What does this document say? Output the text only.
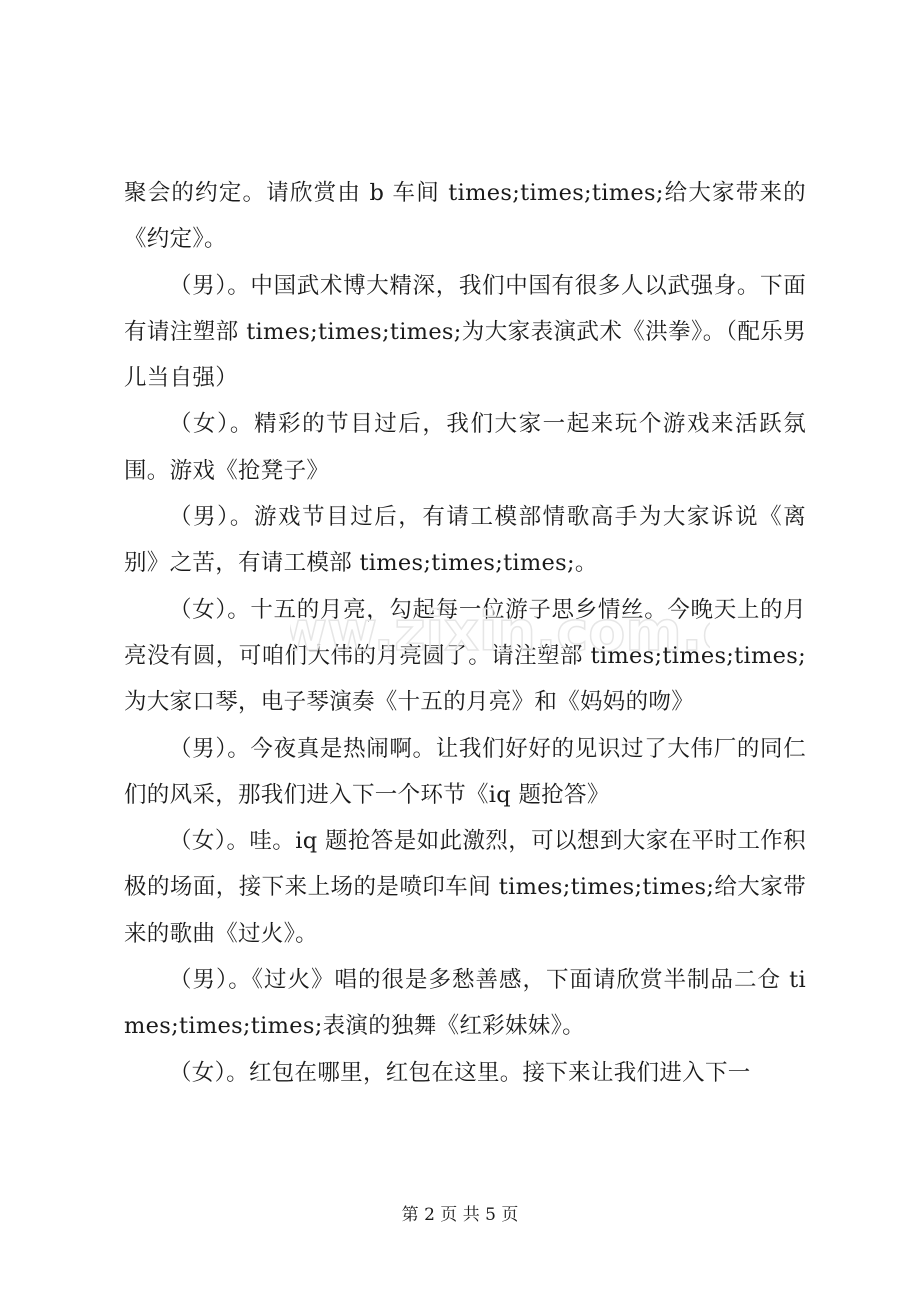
聚会的约定。请欣赏由 b 车间 times;times;times;给大家带来的《约定》。

（男）。中国武术博大精深，我们中国有很多人以武强身。下面有请注塑部 times;times;times;为大家表演武术《洪拳》。（配乐男儿当自强）

（女）。精彩的节目过后，我们大家一起来玩个游戏来活跃氛围。游戏《抢凳子》

（男）。游戏节目过后，有请工模部情歌高手为大家诉说《离别》之苦，有请工模部 times;times;times;。

（女）。十五的月亮，勾起每一位游子思乡情丝。今晚天上的月亮没有圆，可咱们大伟的月亮圆了。请注塑部 times;times;times;为大家口琴，电子琴演奏《十五的月亮》和《妈妈的吻》

（男）。今夜真是热闹啊。让我们好好的见识过了大伟厂的同仁们的风采，那我们进入下一个环节《iq 题抢答》

（女）。哇。iq 题抢答是如此激烈，可以想到大家在平时工作积极的场面，接下来上场的是喷印车间 times;times;times;给大家带来的歌曲《过火》。

（男）。《过火》唱的很是多愁善感，下面请欣赏半制品二仓 times;times;times;表演的独舞《红彩妹妹》。

（女）。红包在哪里，红包在这里。接下来让我们进入下一

ww.zixin.com.
第 2 页 共 5 页
